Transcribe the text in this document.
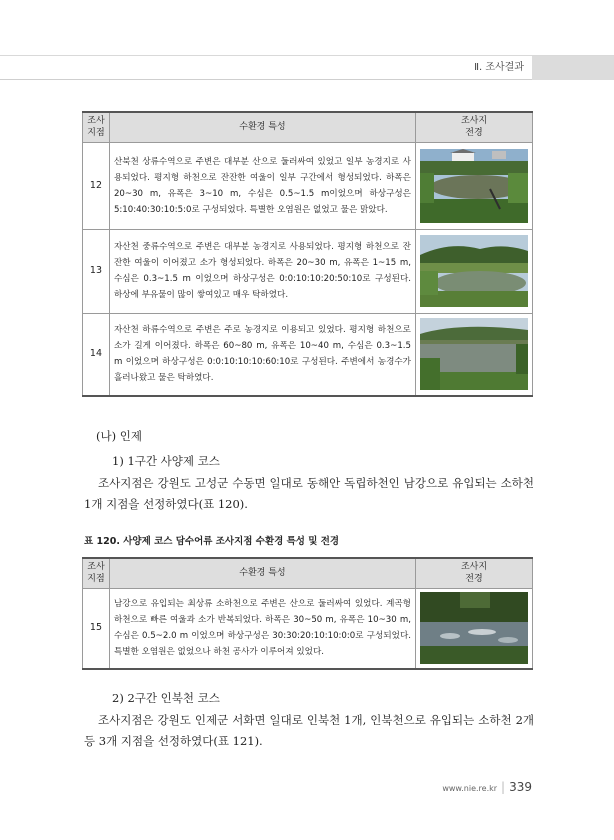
Ⅱ. 조사결과
조사
지점	수환경 특성	조사지
전경
12	산북천 상류수역으로 주변은 대부분 산으로 둘러싸여 있었고 일부 농경지로 사용되었다. 평지형 하천으로 잔잔한 여울이 일부 구간에서 형성되었다. 하폭은 20~30 m, 유폭은 3~10 m, 수심은 0.5~1.5 m이었으며 하상구성은 5:10:40:30:10:5:0로 구성되었다. 특별한 오염원은 없었고 물은 맑았다.	

13	자산천 중류수역으로 주변은 대부분 농경지로 사용되었다. 평지형 하천으로 잔잔한 여울이 이어졌고 소가 형성되었다. 하폭은 20~30 m, 유폭은 1~15 m, 수심은 0.3~1.5 m 이었으며 하상구성은 0:0:10:10:20:50:10로 구성된다. 하상에 부유물이 많이 쌓여있고 매우 탁하였다.	

14	자산천 하류수역으로 주변은 주로 농경지로 이용되고 있었다. 평지형 하천으로 소가 길게 이어졌다. 하폭은 60~80 m, 유폭은 10~40 m, 수심은 0.3~1.5 m 이었으며 하상구성은 0:0:10:10:10:60:10로 구성된다. 주변에서 농경수가 흘러나왔고 물은 탁하였다.	

(나) 인제

1) 1구간 사양제 코스

조사지점은 강원도 고성군 수동면 일대로 동해안 독립하천인 남강으로 유입되는 소하천 1개 지점을 선정하였다(표 120).
표 120. 사양제 코스 담수어류 조사지점 수환경 특성 및 전경
조사
지점	수환경 특성	조사지
전경
15	남강으로 유입되는 최상류 소하천으로 주변은 산으로 둘러싸여 있었다. 계곡형 하천으로 빠른 여울과 소가 반복되었다. 하폭은 30~50 m, 유폭은 10~30 m, 수심은 0.5~2.0 m 이었으며 하상구성은 30:30:20:10:10:0:0로 구성되었다. 특별한 오염원은 없었으나 하천 공사가 이루어져 있었다.	

2) 2구간 인북천 코스

조사지점은 강원도 인제군 서화면 일대로 인북천 1개, 인북천으로 유입되는 소하천 2개 등 3개 지점을 선정하였다(표 121).
www.nie.re.kr | 339
